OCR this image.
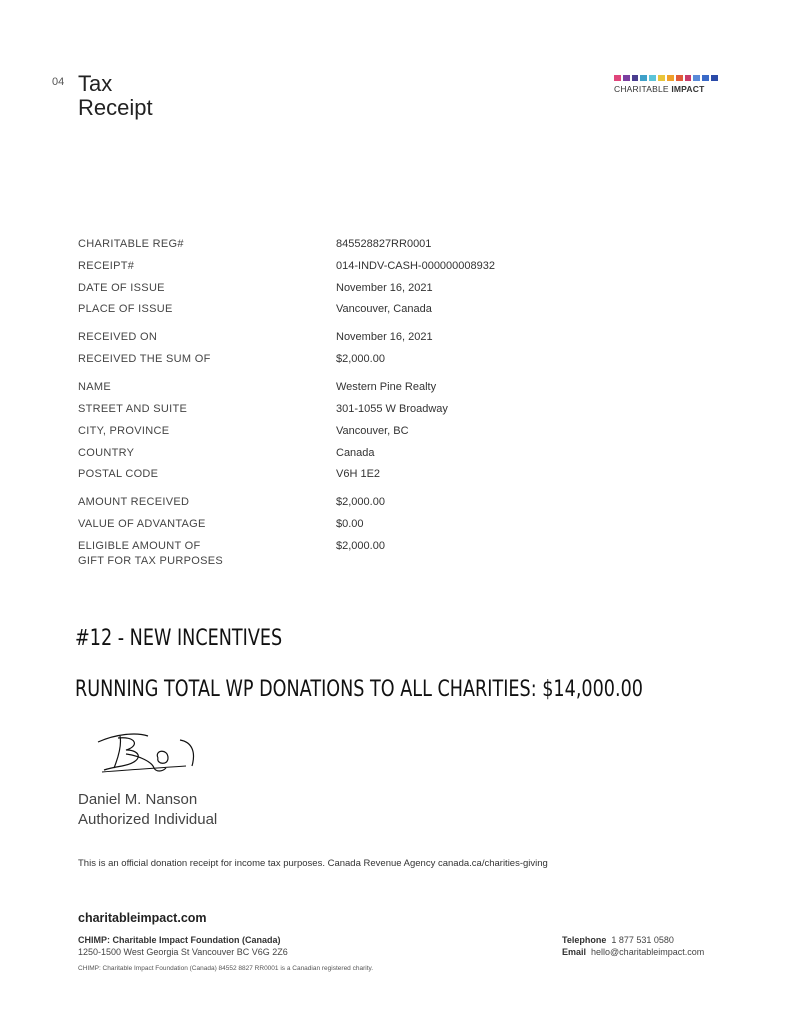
04 Tax
Receipt
CHARITABLE IMPACT
CHARITABLE REG#	845528827RR0001
RECEIPT#	014-INDV-CASH-000000008932
DATE OF ISSUE	November 16, 2021
PLACE OF ISSUE	Vancouver, Canada
RECEIVED ON	November 16, 2021
RECEIVED THE SUM OF	$2,000.00
NAME	Western Pine Realty
STREET AND SUITE	301-1055 W Broadway
CITY, PROVINCE	Vancouver, BC
COUNTRY	Canada
POSTAL CODE	V6H 1E2
AMOUNT RECEIVED	$2,000.00
VALUE OF ADVANTAGE	$0.00
ELIGIBLE AMOUNT OF
GIFT FOR TAX PURPOSES
$2,000.00
#12 - NEW INCENTIVES
RUNNING TOTAL WP DONATIONS TO ALL CHARITIES: $14,000.00
Daniel M. Nanson
Authorized Individual
This is an official donation receipt for income tax purposes. Canada Revenue Agency canada.ca/charities-giving
charitableimpact.com
CHIMP: Charitable Impact Foundation (Canada)
1250-1500 West Georgia St Vancouver BC V6G 2Z6
CHIMP: Charitable Impact Foundation (Canada) 84552 8827 RR0001 is a Canadian registered charity.
Telephone 1 877 531 0580
Email hello@charitableimpact.com
